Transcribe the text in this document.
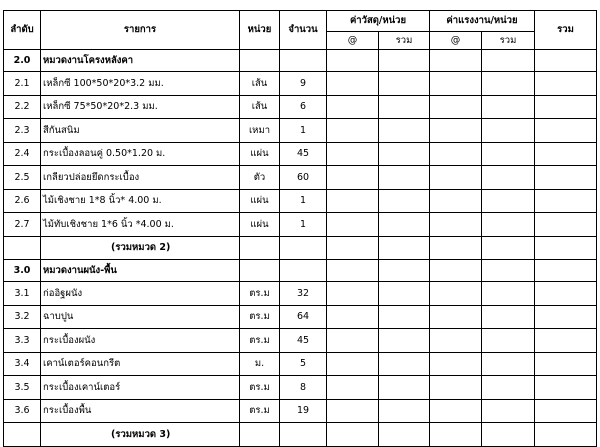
ลำดับ	รายการ	หน่วย	จำนวน	ค่าวัสดุ/หน่วย		ค่าแรงงาน/หน่วย		รวม
				@	รวม	@	รวม	
2.0	หมวดงานโครงหลังคา							
2.1	เหล็กซี 100*50*20*3.2 มม.	เส้น	9					
2.2	เหล็กซี 75*50*20*2.3 มม.	เส้น	6					
2.3	สีกันสนิม	เหมา	1					
2.4	กระเบื้องลอนคู่ 0.50*1.20 ม.	แผ่น	45					
2.5	เกลียวปล่อยยึดกระเบื้อง	ตัว	60					
2.6	ไม้เชิงชาย 1*8 นิ้ว* 4.00 ม.	แผ่น	1					
2.7	ไม้ทับเชิงชาย 1*6 นิ้ว *4.00 ม.	แผ่น	1					
	(รวมหมวด 2)							
3.0	หมวดงานผนัง-พื้น							
3.1	ก่ออิฐผนัง	ตร.ม	32					
3.2	ฉาบปูน	ตร.ม	64					
3.3	กระเบื้องผนัง	ตร.ม	45					
3.4	เคาน์เตอร์คอนกรีต	ม.	5					
3.5	กระเบื้องเคาน์เตอร์	ตร.ม	8					
3.6	กระเบื้องพื้น	ตร.ม	19					
	(รวมหมวด 3)							
